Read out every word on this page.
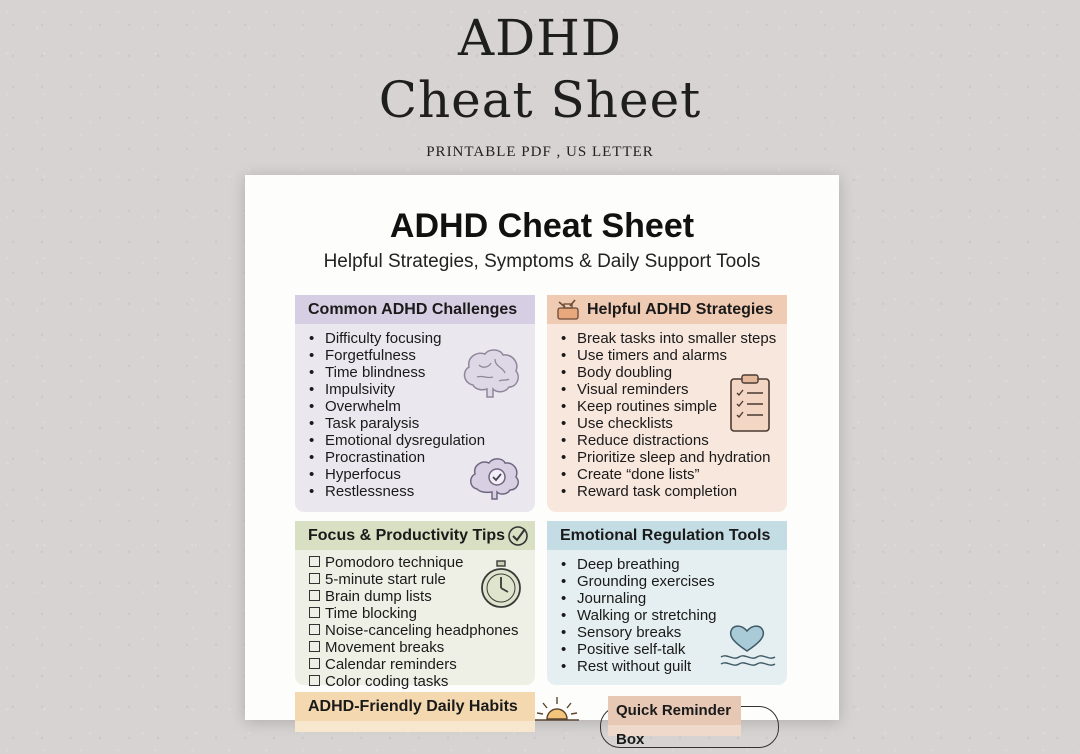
ADHD
Cheat Sheet
PRINTABLE PDF , US LETTER
ADHD Cheat Sheet
Helpful Strategies, Symptoms & Daily Support Tools
Common ADHD Challenges
• Difficulty focusing
• Forgetfulness
• Time blindness
• Impulsivity
• Overwhelm
• Task paralysis
• Emotional dysregulation
• Procrastination
• Hyperfocus
• Restlessness
Helpful ADHD Strategies
• Break tasks into smaller steps
• Use timers and alarms
• Body doubling
• Visual reminders
• Keep routines simple
• Use checklists
• Reduce distractions
• Prioritize sleep and hydration
• Create “done lists”
• Reward task completion
Focus & Productivity Tips
Pomodoro technique
5-minute start rule
Brain dump lists
Time blocking
Noise-canceling headphones
Movement breaks
Calendar reminders
Color coding tasks
Emotional Regulation Tools
• Deep breathing
• Grounding exercises
• Journaling
• Walking or stretching
• Sensory breaks
• Positive self-talk
• Rest without guilt
ADHD-Friendly Daily Habits	Quick Reminder Box
